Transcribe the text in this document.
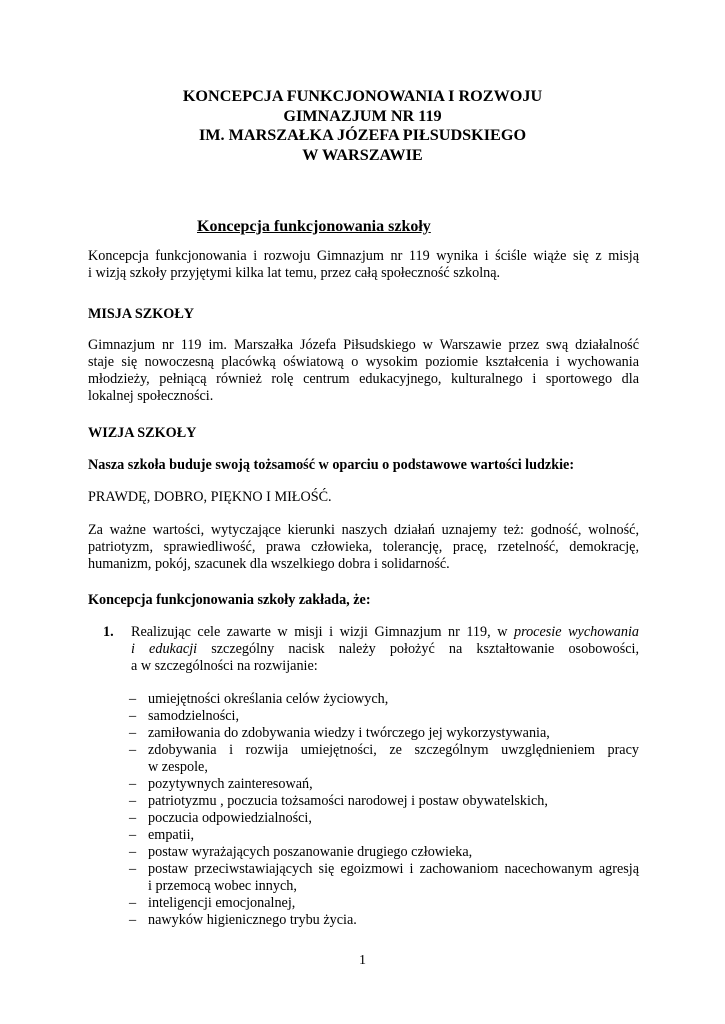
KONCEPCJA FUNKCJONOWANIA I ROZWOJU
GIMNAZJUM NR 119
IM. MARSZAŁKA JÓZEFA PIŁSUDSKIEGO
W WARSZAWIE
Koncepcja funkcjonowania szkoły
Koncepcja funkcjonowania i rozwoju Gimnazjum nr 119 wynika i ściśle wiąże się z misją
i wizją szkoły przyjętymi kilka lat temu, przez całą społeczność szkolną.
MISJA SZKOŁY
Gimnazjum nr 119 im. Marszałka Józefa Piłsudskiego w Warszawie przez swą działalność
staje się nowoczesną placówką oświatową o wysokim poziomie kształcenia i wychowania
młodzieży, pełniącą również rolę centrum edukacyjnego, kulturalnego i sportowego dla
lokalnej społeczności.
WIZJA SZKOŁY
Nasza szkoła buduje swoją tożsamość w oparciu o podstawowe wartości ludzkie:
PRAWDĘ, DOBRO, PIĘKNO I MIŁOŚĆ.
Za ważne wartości, wytyczające kierunki naszych działań uznajemy też: godność, wolność,
patriotyzm, sprawiedliwość, prawa człowieka, tolerancję, pracę, rzetelność, demokrację,
humanizm, pokój, szacunek dla wszelkiego dobra i solidarność.
Koncepcja funkcjonowania szkoły zakłada, że:
1. Realizując cele zawarte w misji i wizji Gimnazjum nr 119, w procesie wychowania
i edukacji szczególny nacisk należy położyć na kształtowanie osobowości,
a w szczególności na rozwijanie:
– umiejętności określania celów życiowych,
– samodzielności,
– zamiłowania do zdobywania wiedzy i twórczego jej wykorzystywania,
– zdobywania i rozwija umiejętności, ze szczególnym uwzględnieniem pracy
w zespole,
– pozytywnych zainteresowań,
– patriotyzmu , poczucia tożsamości narodowej i postaw obywatelskich,
– poczucia odpowiedzialności,
– empatii,
– postaw wyrażających poszanowanie drugiego człowieka,
– postaw przeciwstawiających się egoizmowi i zachowaniom nacechowanym agresją
i przemocą wobec innych,
– inteligencji emocjonalnej,
– nawyków higienicznego trybu życia.
1
